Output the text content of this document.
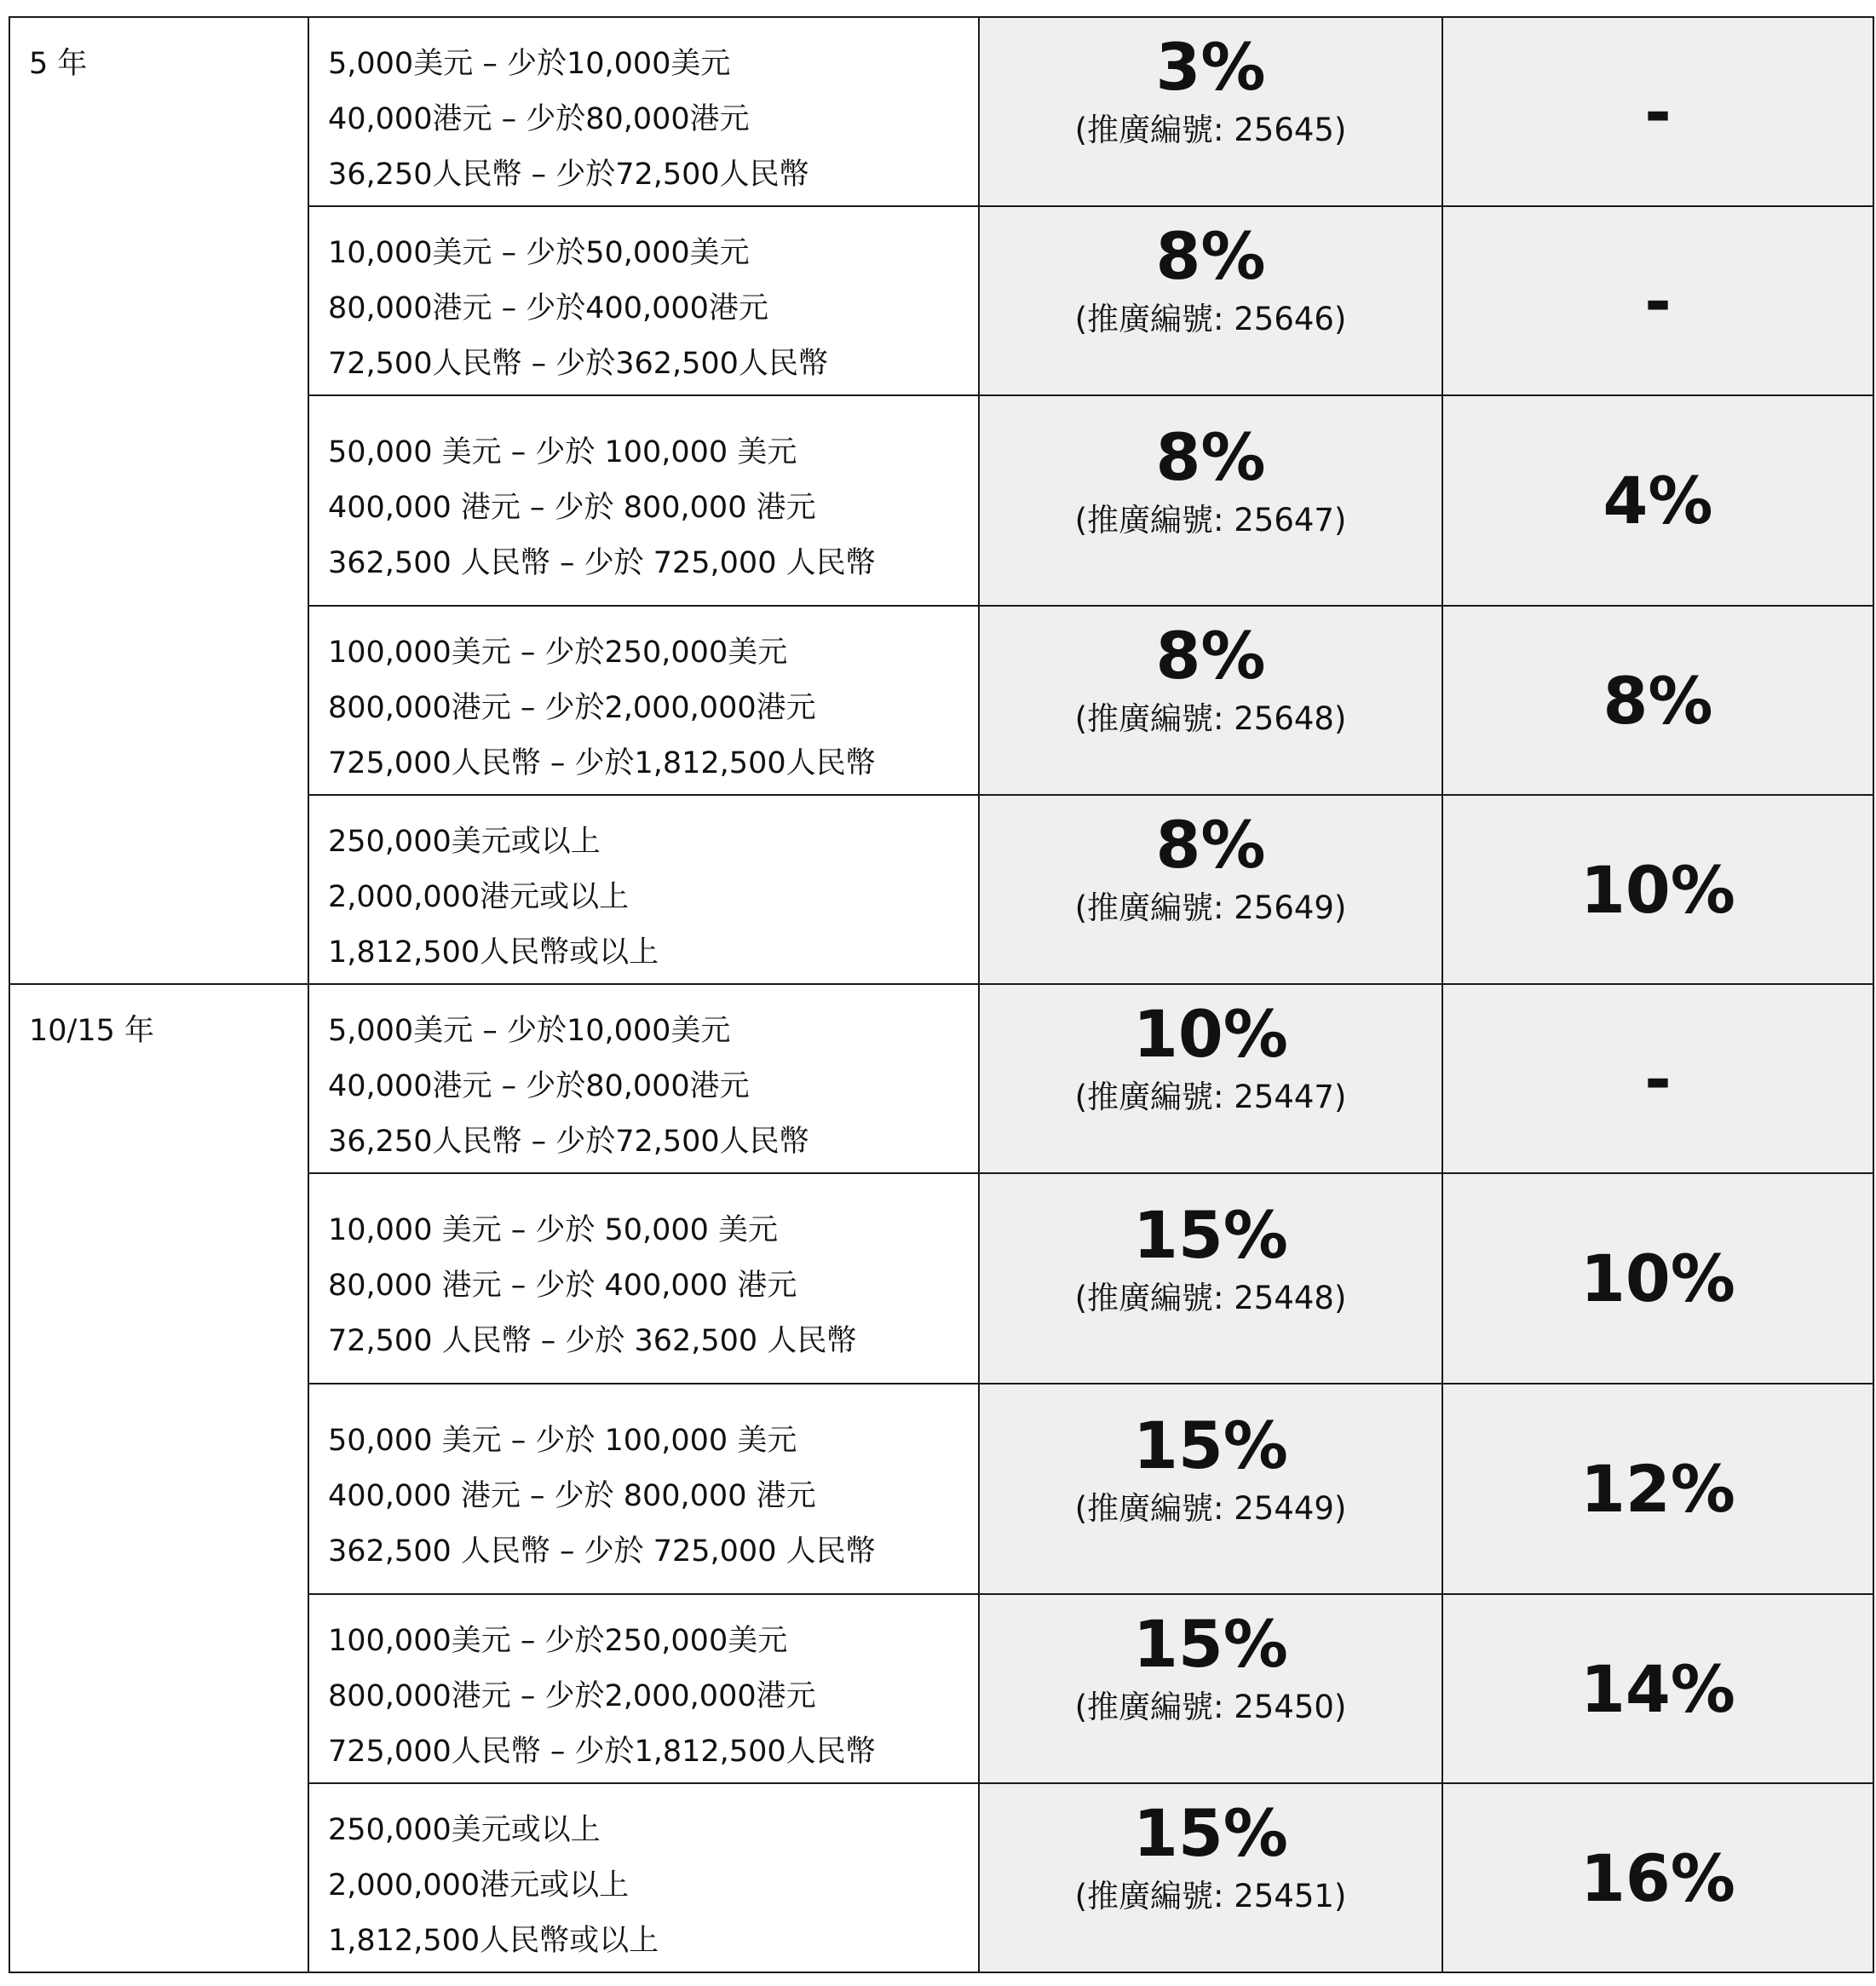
5 年	5,000美元 – 少於10,000美元
40,000港元 – 少於80,000港元
36,250人民幣 – 少於72,500人民幣	3%
(推廣編號: 25645)	-

	10,000美元 – 少於50,000美元
80,000港元 – 少於400,000港元
72,500人民幣 – 少於362,500人民幣	8%
(推廣編號: 25646)	-

	50,000 美元 – 少於 100,000 美元
400,000 港元 – 少於 800,000 港元
362,500 人民幣 – 少於 725,000 人民幣	8%
(推廣編號: 25647)	4%

	100,000美元 – 少於250,000美元
800,000港元 – 少於2,000,000港元
725,000人民幣 – 少於1,812,500人民幣	8%
(推廣編號: 25648)	8%

	250,000美元或以上
2,000,000港元或以上
1,812,500人民幣或以上	8%
(推廣編號: 25649)	10%
10/15 年	5,000美元 – 少於10,000美元
40,000港元 – 少於80,000港元
36,250人民幣 – 少於72,500人民幣	10%
(推廣編號: 25447)	-

	10,000 美元 – 少於 50,000 美元
80,000 港元 – 少於 400,000 港元
72,500 人民幣 – 少於 362,500 人民幣	15%
(推廣編號: 25448)	10%

	50,000 美元 – 少於 100,000 美元
400,000 港元 – 少於 800,000 港元
362,500 人民幣 – 少於 725,000 人民幣	15%
(推廣編號: 25449)	12%

	100,000美元 – 少於250,000美元
800,000港元 – 少於2,000,000港元
725,000人民幣 – 少於1,812,500人民幣	15%
(推廣編號: 25450)	14%

	250,000美元或以上
2,000,000港元或以上
1,812,500人民幣或以上	15%
(推廣編號: 25451)	16%
